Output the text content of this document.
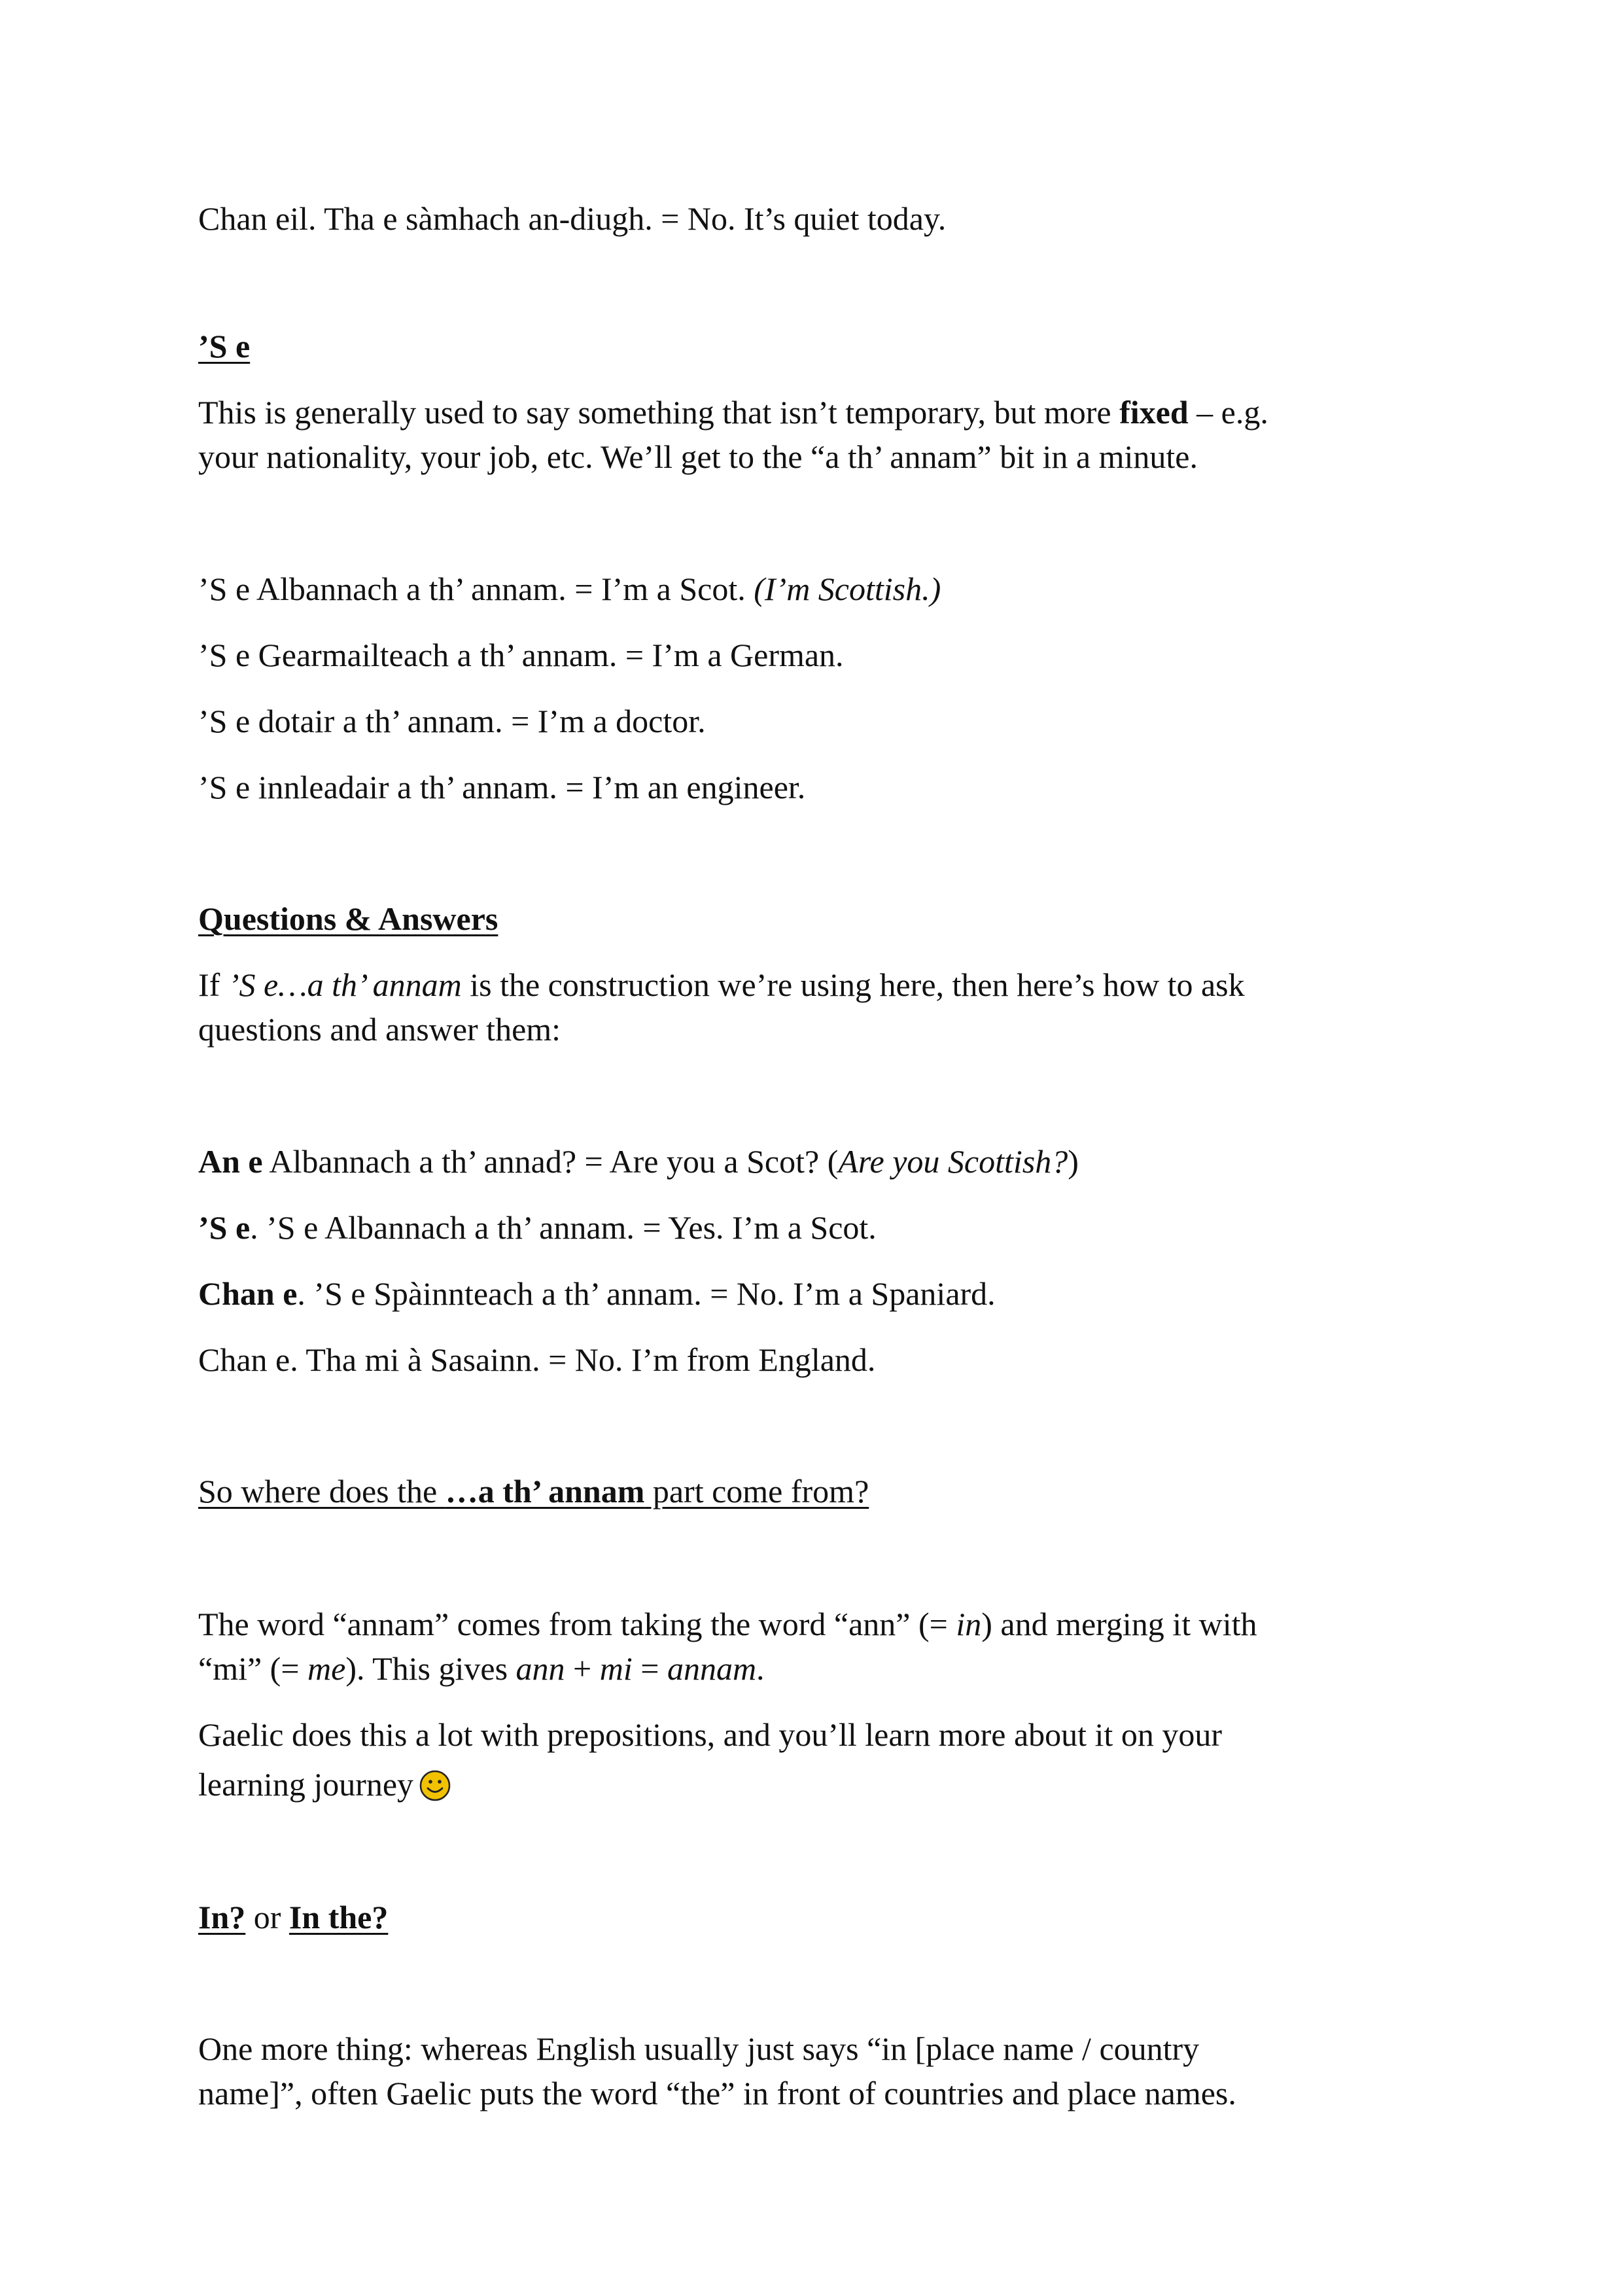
Chan eil. Tha e sàmhach an-diugh. = No. It’s quiet today.

’S e

This is generally used to say something that isn’t temporary, but more fixed – e.g.

your nationality, your job, etc. We’ll get to the “a th’ annam” bit in a minute.

’S e Albannach a th’ annam. = I’m a Scot. (I’m Scottish.)

’S e Gearmailteach a th’ annam. = I’m a German.

’S e dotair a th’ annam. = I’m a doctor.

’S e innleadair a th’ annam. = I’m an engineer.

Questions & Answers

If ’S e…a th’ annam is the construction we’re using here, then here’s how to ask

questions and answer them:

An e Albannach a th’ annad? = Are you a Scot? (Are you Scottish?)

’S e. ’S e Albannach a th’ annam. = Yes. I’m a Scot.

Chan e. ’S e Spàinnteach a th’ annam. = No. I’m a Spaniard.

Chan e. Tha mi à Sasainn. = No. I’m from England.

So where does the …a th’ annam part come from?

The word “annam” comes from taking the word “ann” (= in) and merging it with

“mi” (= me). This gives ann + mi = annam.

Gaelic does this a lot with prepositions, and you’ll learn more about it on your

learning journey

In? or In the?

One more thing: whereas English usually just says “in [place name / country

name]”, often Gaelic puts the word “the” in front of countries and place names.
